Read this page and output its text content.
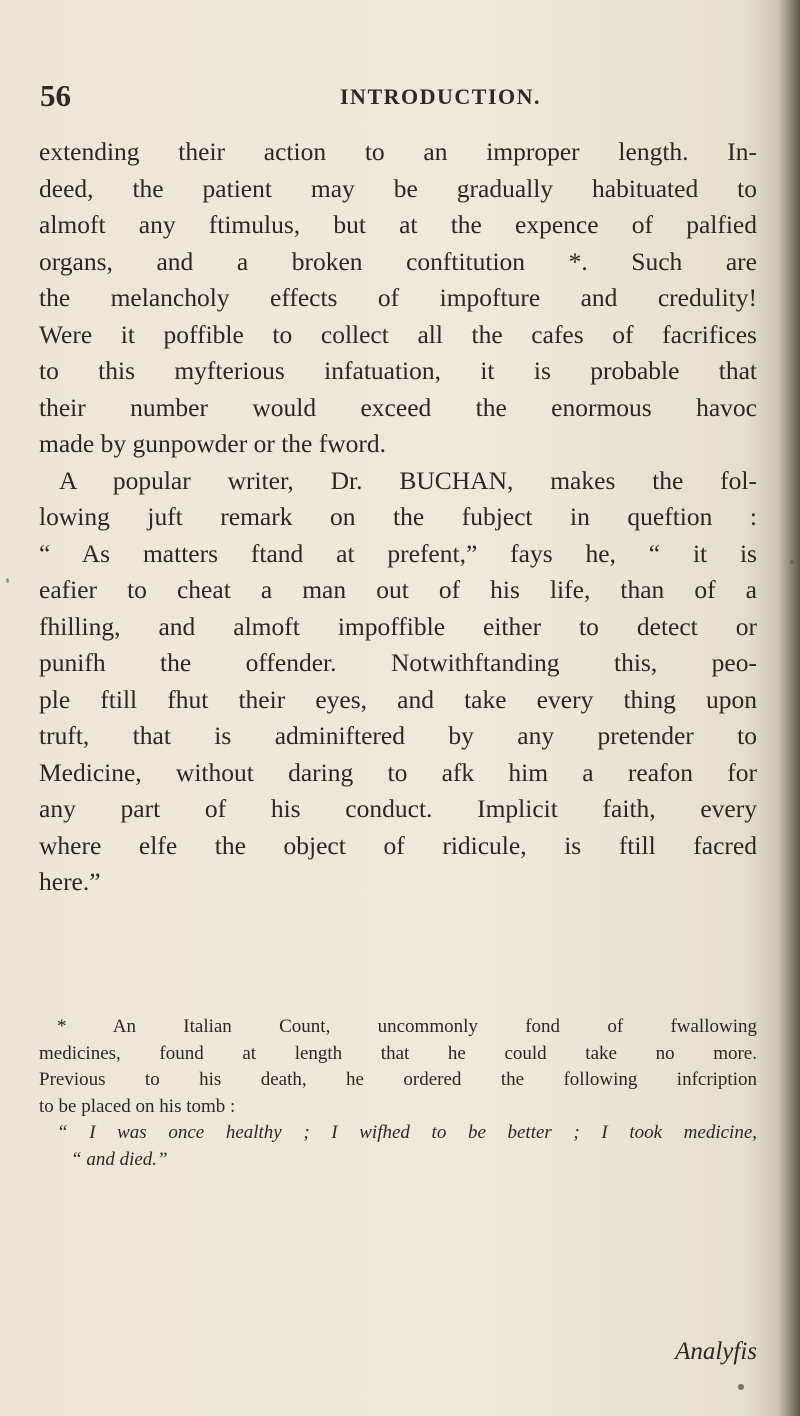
56	INTRODUCTION.
extending their action to an improper length. In-
deed, the patient may be gradually habituated to
almoft any ftimulus, but at the expence of palfied
organs, and a broken conftitution *. Such are
the melancholy effects of impofture and credulity!
Were it poffible to collect all the cafes of facrifices
to this myfterious infatuation, it is probable that
their number would exceed the enormous havoc
made by gunpowder or the fword.
A popular writer, Dr. BUCHAN, makes the fol-
lowing juft remark on the fubject in queftion :
“ As matters ftand at prefent,” fays he, “ it is
eafier to cheat a man out of his life, than of a
fhilling, and almoft impoffible either to detect or
punifh the offender. Notwithftanding this, peo-
ple ftill fhut their eyes, and take every thing upon
truft, that is adminiftered by any pretender to
Medicine, without daring to afk him a reafon for
any part of his conduct. Implicit faith, every
where elfe the object of ridicule, is ftill facred
here.”
* An Italian Count, uncommonly fond of fwallowing
medicines, found at length that he could take no more.
Previous to his death, he ordered the following infcription
to be placed on his tomb :
“ I was once healthy ; I wifhed to be better ; I took medicine,
“ and died.”
Analyfis
